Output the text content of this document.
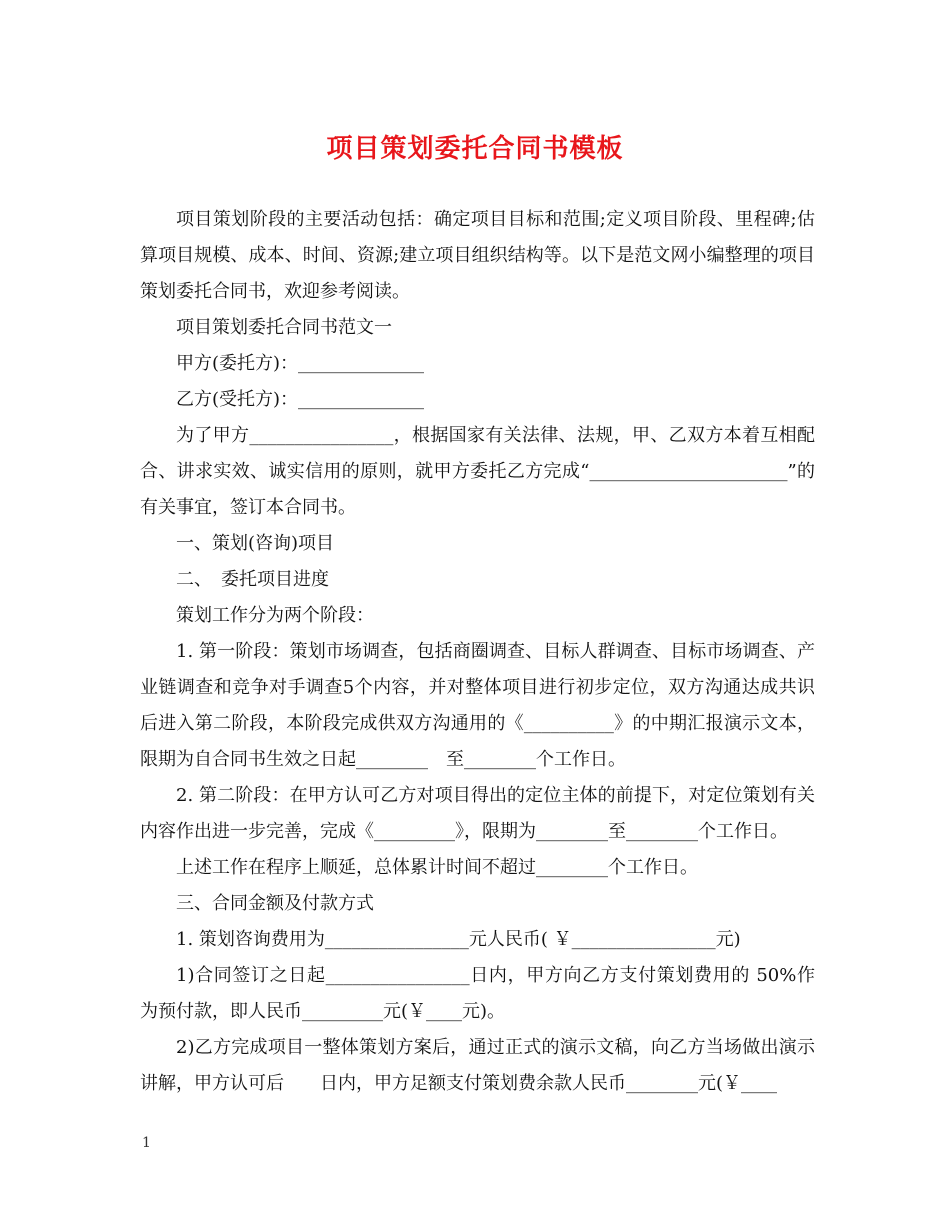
项目策划委托合同书模板

项目策划阶段的主要活动包括：确定项目目标和范围;定义项目阶段、里程碑;估算项目规模、成本、时间、资源;建立项目组织结构等。以下是范文网小编整理的项目策划委托合同书，欢迎参考阅读。

项目策划委托合同书范文一

甲方(委托方)：______________

乙方(受托方)：______________

为了甲方________________，根据国家有关法律、法规，甲、乙双方本着互相配合、讲求实效、诚实信用的原则，就甲方委托乙方完成“______________________”的有关事宜，签订本合同书。

一、策划(咨询)项目

二、　委托项目进度

策划工作分为两个阶段：

1. 第一阶段：策划市场调查，包括商圈调查、目标人群调查、目标市场调查、产业链调查和竞争对手调查5个内容，并对整体项目进行初步定位，双方沟通达成共识后进入第二阶段，本阶段完成供双方沟通用的《__________》的中期汇报演示文本，限期为自合同书生效之日起________　至________个工作日。

2. 第二阶段：在甲方认可乙方对项目得出的定位主体的前提下，对定位策划有关内容作出进一步完善，完成《_________》，限期为________至________个工作日。

上述工作在程序上顺延，总体累计时间不超过________个工作日。

三、合同金额及付款方式

1. 策划咨询费用为________________元人民币( ￥________________元)

1)合同签订之日起________________日内，甲方向乙方支付策划费用的 50%作为预付款，即人民币_________元(￥____元)。

2)乙方完成项目一整体策划方案后，通过正式的演示文稿，向乙方当场做出演示讲解，甲方认可后　　日内，甲方足额支付策划费余款人民币________元(￥____

1
